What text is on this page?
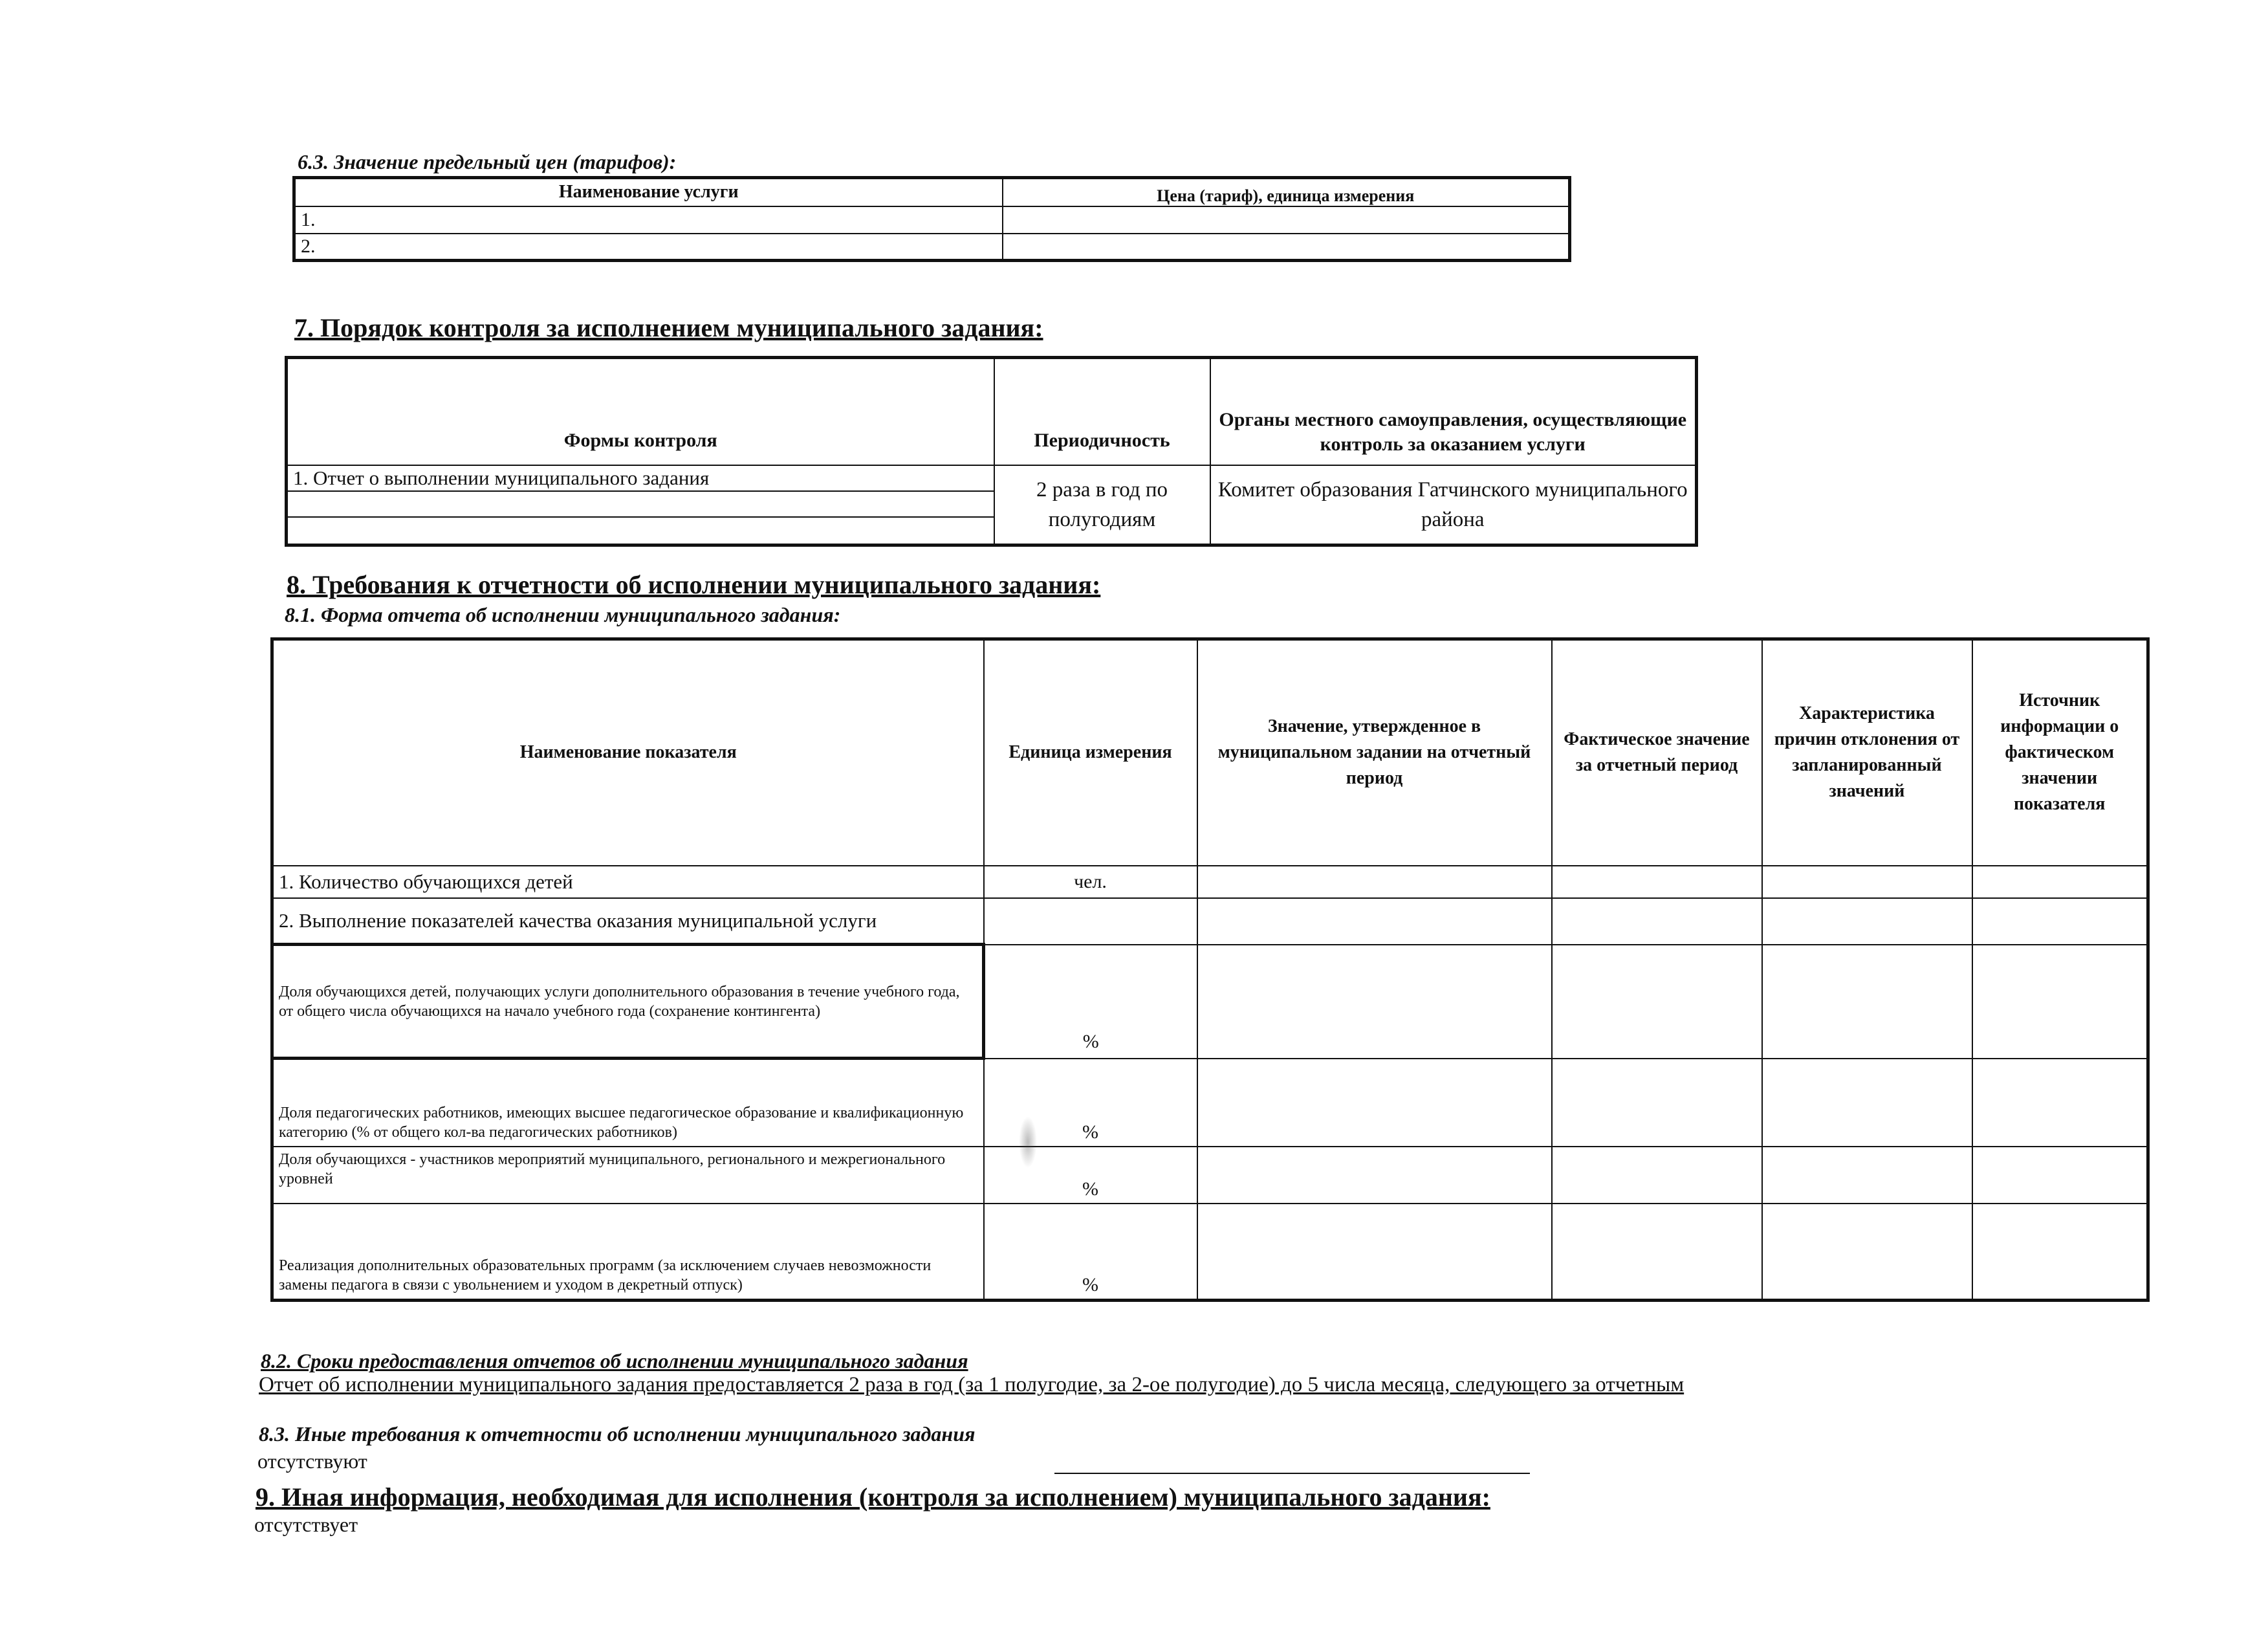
6.3. Значение предельный цен (тарифов):
Наименование услуги	Цена (тариф), единица измерения
1.	
2.	
7. Порядок контроля за исполнением муниципального задания:
Формы контроля	Периодичность	Органы местного самоуправления, осуществляющие контроль за оказанием услуги
1. Отчет о выполнении муниципального задания	2 раза в год по полугодиям	Комитет образования Гатчинского муниципального района

8. Требования к отчетности об исполнении муниципального задания:
8.1. Форма отчета об исполнении муниципального задания:
Наименование показателя	Единица измерения	Значение, утвержденное в муниципальном задании на отчетный период	Фактическое значение за отчетный период	Характеристика причин отклонения от запланированный значений	Источник информации о фактическом значении показателя
1. Количество обучающихся детей	чел.				
2. Выполнение показателей качества оказания муниципальной услуги					
Доля обучающихся детей, получающих услуги дополнительного образования в течение учебного года, от общего числа обучающихся на начало учебного года (сохранение контингента)	%				
Доля педагогических работников, имеющих высшее педагогическое образование и квалификационную категорию (% от общего кол-ва педагогических работников)	%				
Доля обучающихся - участников мероприятий муниципального, регионального и межрегионального уровней	%				
Реализация дополнительных образовательных программ (за исключением случаев невозможности замены педагога в связи с увольнением и уходом в декретный отпуск)	%				
8.2. Сроки предоставления отчетов об исполнении муниципального задания
Отчет об исполнении муниципального задания предоставляется 2 раза в год (за 1 полугодие, за 2-ое полугодие) до 5 числа месяца, следующего за отчетным
8.3. Иные требования к отчетности об исполнении муниципального задания
отсутствуют
9. Иная информация, необходимая для исполнения (контроля за исполнением) муниципального задания:
отсутствует
